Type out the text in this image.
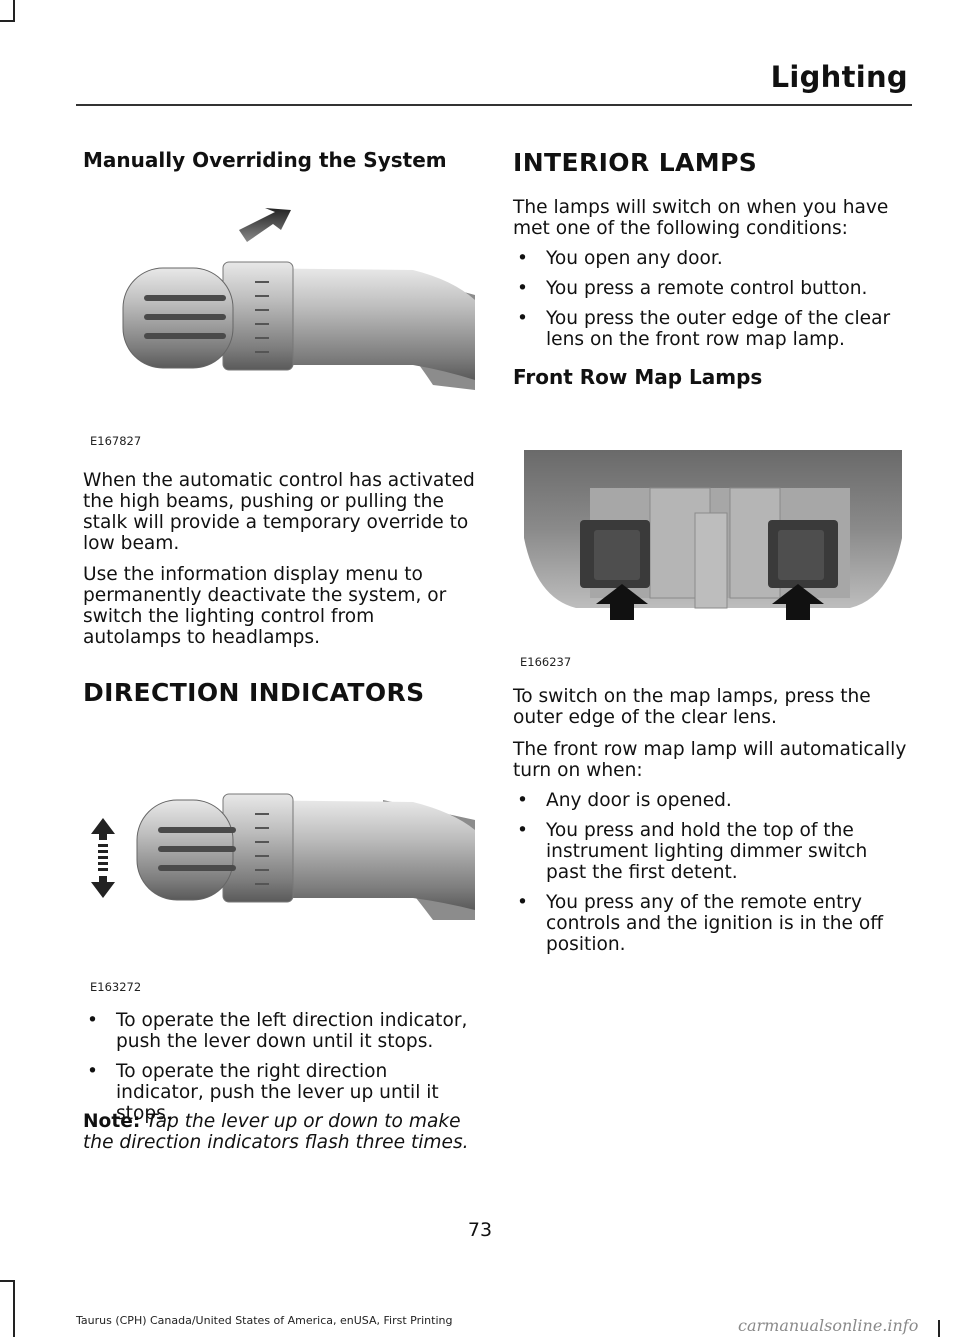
Lighting
Manually Overriding the System
E167827
When the automatic control has activated the high beams, pushing or pulling the stalk will provide a temporary override to low beam.
Use the information display menu to permanently deactivate the system, or switch the lighting control from autolamps to headlamps.
DIRECTION INDICATORS
E163272
• To operate the left direction indicator, push the lever down until it stops.
• To operate the right direction indicator, push the lever up until it stops.
Note: Tap the lever up or down to make the direction indicators flash three times.
INTERIOR LAMPS
The lamps will switch on when you have met one of the following conditions:
• You open any door.
• You press a remote control button.
• You press the outer edge of the clear lens on the front row map lamp.
Front Row Map Lamps
E166237
To switch on the map lamps, press the outer edge of the clear lens.
The front row map lamp will automatically turn on when:
• Any door is opened.
• You press and hold the top of the instrument lighting dimmer switch past the first detent.
• You press any of the remote entry controls and the ignition is in the off position.
73
Taurus (CPH) Canada/United States of America, enUSA, First Printing	carmanualsonline.info
